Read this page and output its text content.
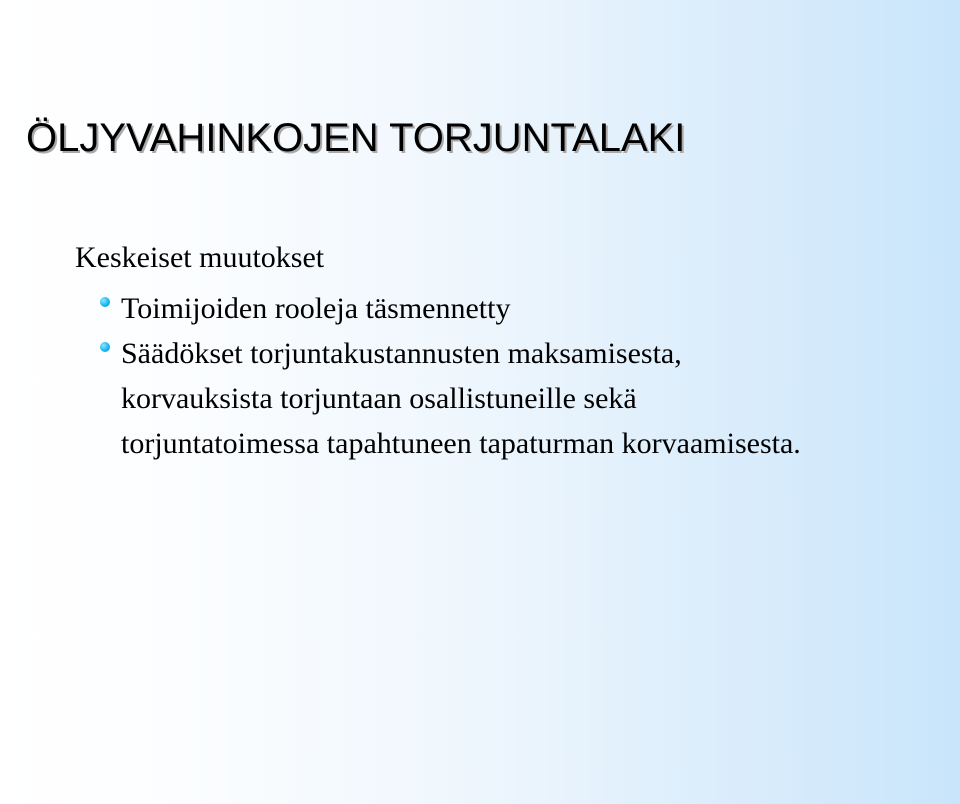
ÖLJYVAHINKOJEN TORJUNTALAKI

Keskeiset muutokset

Toimijoiden rooleja täsmennetty
Säädökset torjuntakustannusten maksamisesta, korvauksista torjuntaan osallistuneille sekä torjuntatoimessa tapahtuneen tapaturman korvaamisesta.
